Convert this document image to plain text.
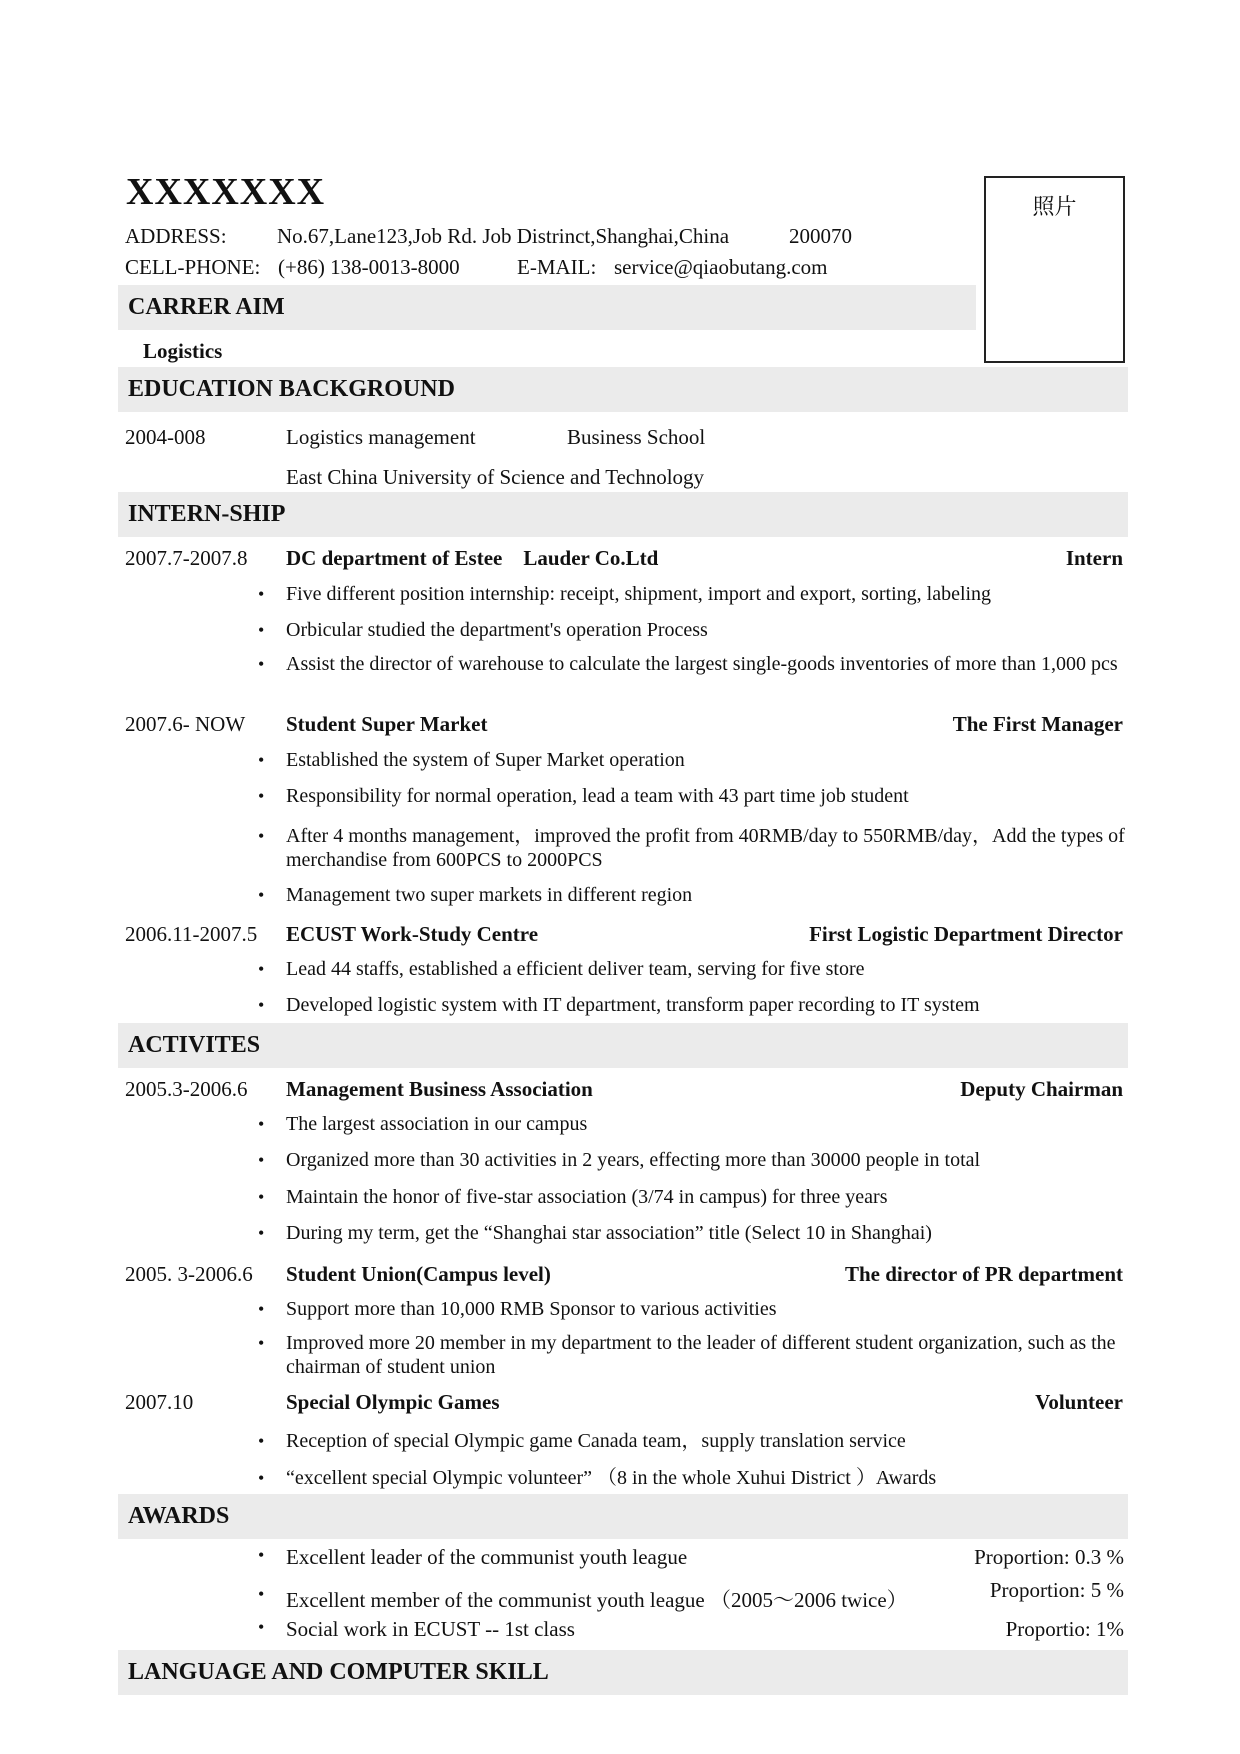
XXXXXXX
ADDRESS: No.67,Lane123,Job Rd. Job Distrinct,Shanghai,China	200070
CELL-PHONE: (+86) 138-0013-8000	E-MAIL: service@qiaobutang.com
照片
CARRER AIM
Logistics
EDUCATION BACKGROUND
2004-008	Logistics management	Business School
East China University of Science and Technology
INTERN-SHIP
2007.7-2007.8 DC department of Estee    Lauder Co.Ltd	Intern
• Five different position internship: receipt, shipment, import and export, sorting, labeling
• Orbicular studied the department's operation Process
• Assist the director of warehouse to calculate the largest single-goods inventories of more than 1,000 pcs
2007.6- NOW Student Super Market	The First Manager
• Established the system of Super Market operation
• Responsibility for normal operation, lead a team with 43 part time job student
• After 4 months management，improved the profit from 40RMB/day to 550RMB/day，Add the types of merchandise from 600PCS to 2000PCS
• Management two super markets in different region
2006.11-2007.5 ECUST Work-Study Centre	First Logistic Department Director
• Lead 44 staffs, established a efficient deliver team, serving for five store
• Developed logistic system with IT department, transform paper recording to IT system
ACTIVITES
2005.3-2006.6 Management Business Association	Deputy Chairman
• The largest association in our campus
• Organized more than 30 activities in 2 years, effecting more than 30000 people in total
• Maintain the honor of five-star association (3/74 in campus) for three years
• During my term, get the “Shanghai star association” title (Select 10 in Shanghai)
2005. 3-2006.6 Student Union(Campus level)	The director of PR department
• Support more than 10,000 RMB Sponsor to various activities
• Improved more 20 member in my department to the leader of different student organization, such as the chairman of student union
2007.10	Special Olympic Games	Volunteer
• Reception of special Olympic game Canada team，supply translation service
• “excellent special Olympic volunteer” （8 in the whole Xuhui District ）Awards
AWARDS
• Excellent leader of the communist youth league	Proportion: 0.3 %
• Excellent member of the communist youth league （2005～2006 twice）	Proportion: 5 %
• Social work in ECUST -- 1st class	Proportio: 1%
LANGUAGE AND COMPUTER SKILL
